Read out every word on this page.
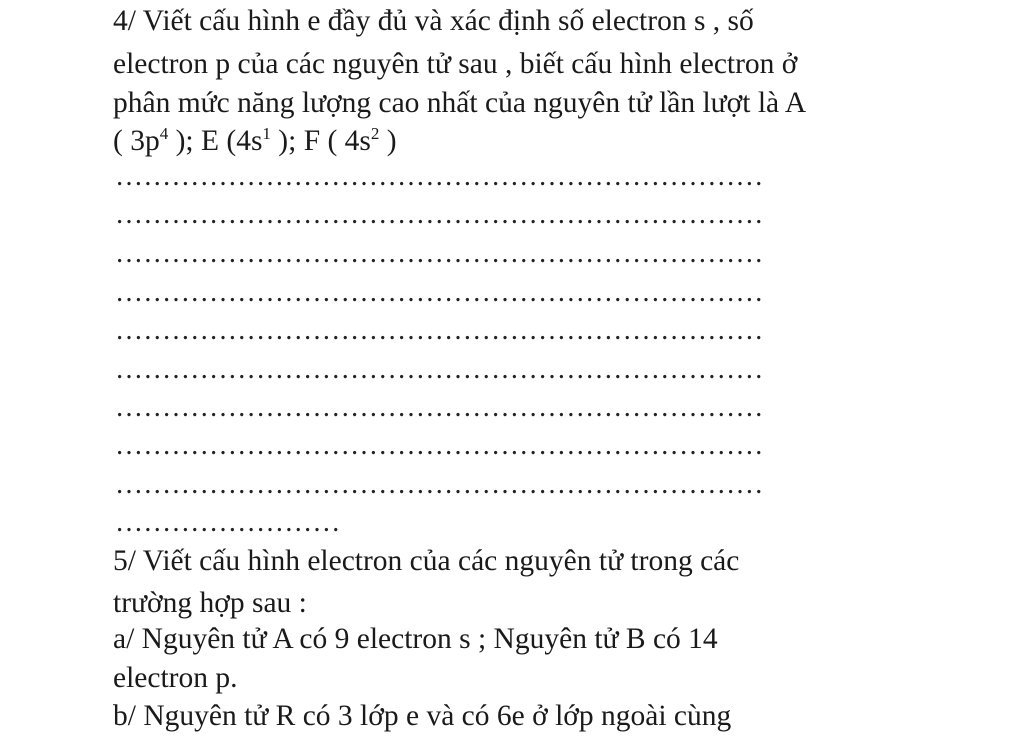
4/ Viết cấu hình e đầy đủ và xác định số electron s , số

electron p của các nguyên tử sau , biết cấu hình electron ở

phân mức năng lượng cao nhất của nguyên tử lần lượt là A

( $3p^4$ ); E ($4s^1$ ); F ( $4s^2$ )

……………………………………………………………
……………………………………………………………
……………………………………………………………
……………………………………………………………
……………………………………………………………
……………………………………………………………
……………………………………………………………
……………………………………………………………
……………………………………………………………
……………………

5/ Viết cấu hình electron của các nguyên tử trong các

trường hợp sau :

a/ Nguyên tử A có 9 electron s ; Nguyên tử B có 14

electron p.

b/ Nguyên tử R có 3 lớp e và có 6e ở lớp ngoài cùng
